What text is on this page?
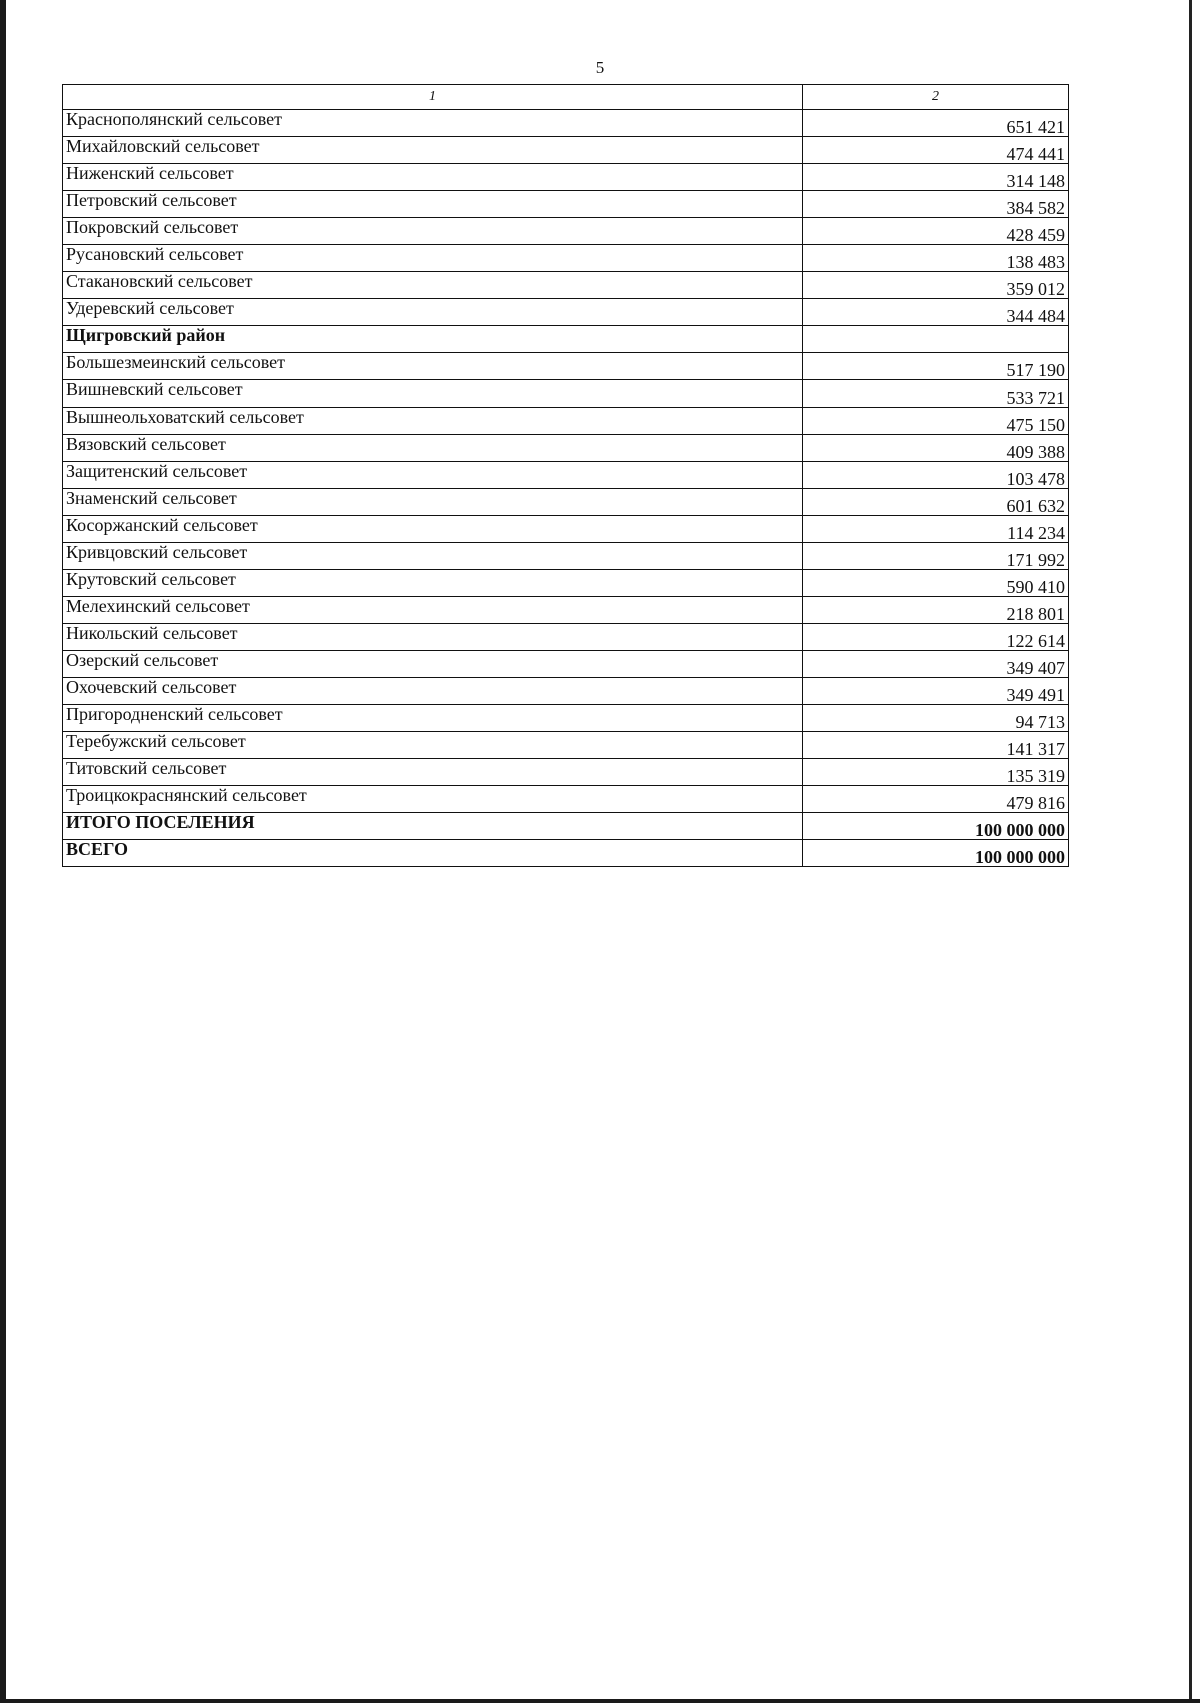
5
1	2
Краснополянский сельсовет	651 421
Михайловский сельсовет	474 441
Ниженский сельсовет	314 148
Петровский сельсовет	384 582
Покровский сельсовет	428 459
Русановский сельсовет	138 483
Стакановский сельсовет	359 012
Удеревский сельсовет	344 484
Щигровский район	
Большезмеинский сельсовет	517 190
Вишневский сельсовет	533 721
Вышнеольховатский сельсовет	475 150
Вязовский сельсовет	409 388
Защитенский сельсовет	103 478
Знаменский сельсовет	601 632
Косоржанский сельсовет	114 234
Кривцовский сельсовет	171 992
Крутовский сельсовет	590 410
Мелехинский сельсовет	218 801
Никольский сельсовет	122 614
Озерский сельсовет	349 407
Охочевский сельсовет	349 491
Пригородненский сельсовет	94 713
Теребужский сельсовет	141 317
Титовский сельсовет	135 319
Троицкокраснянский сельсовет	479 816
ИТОГО ПОСЕЛЕНИЯ	100 000 000
ВСЕГО	100 000 000
